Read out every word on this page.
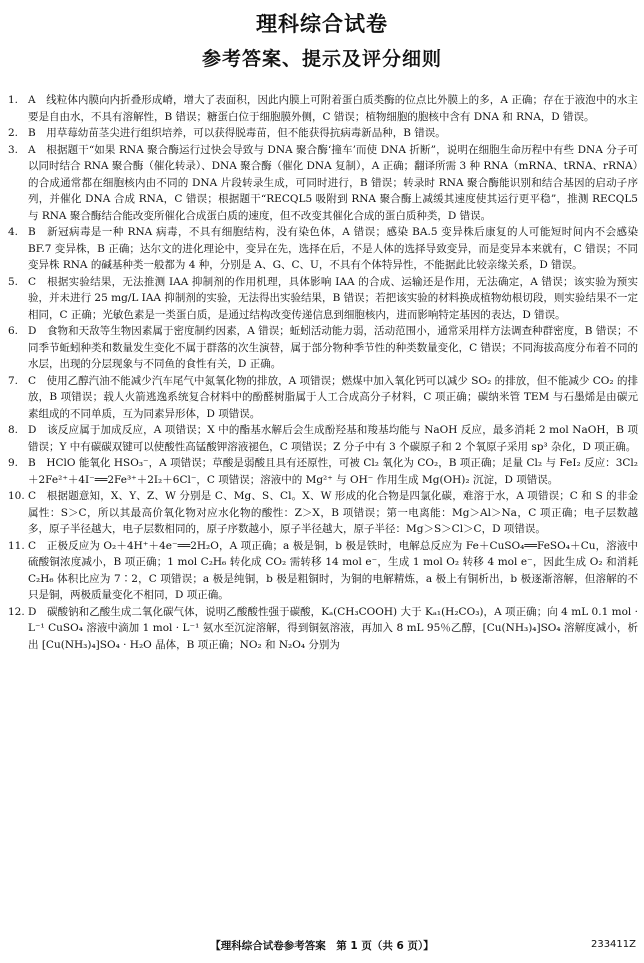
理科综合试卷
参考答案、提示及评分细则
1. A　 线粒体内膜向内折叠形成嵴，增大了表面积，因此内膜上可附着蛋白质类酶的位点比外膜上的多，A 正确；存在于液泡中的水主要是自由水，不具有溶解性，B 错误；糖蛋白位于细胞膜外侧，C 错误；植物细胞的胞核中含有 DNA 和 RNA，D 错误。
2. B　 用草莓幼苗茎尖进行组织培养，可以获得脱毒苗，但不能获得抗病毒新品种，B 错误。
3. A　 根据题干“如果 RNA 聚合酶运行过快会导致与 DNA 聚合酶‘撞车’而使 DNA 折断”，说明在细胞生命历程中有些 DNA 分子可以同时结合 RNA 聚合酶（催化转录）、DNA 聚合酶（催化 DNA 复制），A 正确；翻译所需 3 种 RNA（mRNA、tRNA、rRNA）的合成通常都在细胞核内由不同的 DNA 片段转录生成，可同时进行，B 错误；转录时 RNA 聚合酶能识别和结合基因的启动子序列，并催化 DNA 合成 RNA，C 错误；根据题干“RECQL5 吸附到 RNA 聚合酶上减缓其速度使其运行更平稳”，推测 RECQL5 与 RNA 聚合酶结合能改变所催化合成蛋白质的速度，但不改变其催化合成的蛋白质种类，D 错误。
4. B　 新冠病毒是一种 RNA 病毒，不具有细胞结构，没有染色体，A 错误；感染 BA.5 变异株后康复的人可能短时间内不会感染 BF.7 变异株，B 正确；达尔文的进化理论中，变异在先，选择在后，不是人体的选择导致变异，而是变异本来就有，C 错误；不同变异株 RNA 的碱基种类一般都为 4 种，分别是 A、G、C、U，不具有个体特异性，不能据此比较亲缘关系，D 错误。
5. C　 根据实验结果，无法推测 IAA 抑制剂的作用机理，具体影响 IAA 的合成、运输还是作用，无法确定，A 错误；该实验为预实验，并未进行 25 mg/L IAA 抑制剂的实验，无法得出实验结果，B 错误；若把该实验的材料换成植物幼根切段，则实验结果不一定相同，C 正确；光敏色素是一类蛋白质，是通过结构改变传递信息到细胞核内，进而影响特定基因的表达，D 错误。
6. D　 食物和天敌等生物因素属于密度制约因素，A 错误；蚯蚓活动能力弱，活动范围小，通常采用样方法调查种群密度，B 错误；不同季节蚯蚓种类和数量发生变化不属于群落的次生演替，属于部分物种季节性的种类数量变化，C 错误；不同海拔高度分布着不同的水层，出现的分层现象与不同鱼的食性有关，D 正确。
7. C　 使用乙醇汽油不能减少汽车尾气中氮氧化物的排放，A 项错误；燃煤中加入氧化钙可以减少 SO₂ 的排放，但不能减少 CO₂ 的排放，B 项错误；载人火箭逃逸系统复合材料中的酚醛树脂属于人工合成高分子材料，C 项正确；碳纳米管 TEM 与石墨烯是由碳元素组成的不同单质，互为同素异形体，D 项错误。
8. D　 该反应属于加成反应，A 项错误；X 中的酯基水解后会生成酚羟基和羧基均能与 NaOH 反应，最多消耗 2 mol NaOH，B 项错误；Y 中有碳碳双键可以使酸性高锰酸钾溶液褪色，C 项错误；Z 分子中有 3 个碳原子和 2 个氧原子采用 sp³ 杂化，D 项正确。
9. B　 HClO 能氧化 HSO₃⁻，A 项错误；草酸是弱酸且具有还原性，可被 Cl₂ 氧化为 CO₂，B 项正确；足量 Cl₂ 与 FeI₂ 反应：3Cl₂＋2Fe²⁺＋4I⁻══2Fe³⁺＋2I₂＋6Cl⁻，C 项错误；溶液中的 Mg²⁺ 与 OH⁻ 作用生成 Mg(OH)₂ 沉淀，D 项错误。
10. C　 根据题意知，X、Y、Z、W 分别是 C、Mg、S、Cl。X、W 形成的化合物是四氯化碳，难溶于水，A 项错误；C 和 S 的非金属性：S＞C，所以其最高价氧化物对应水化物的酸性：Z＞X，B 项错误；第一电离能：Mg＞Al＞Na，C 项正确；电子层数越多，原子半径越大，电子层数相同的，原子序数越小，原子半径越大，原子半径：Mg＞S＞Cl＞C，D 项错误。
11. C　 正极反应为 O₂＋4H⁺＋4e⁻══2H₂O，A 项正确；a 极是铜，b 极是铁时，电解总反应为 Fe＋CuSO₄══FeSO₄＋Cu，溶液中硫酸铜浓度减小，B 项正确；1 mol C₂H₆ 转化成 CO₂ 需转移 14 mol e⁻，生成 1 mol O₂ 转移 4 mol e⁻，因此生成 O₂ 和消耗 C₂H₆ 体积比应为 7∶2，C 项错误；a 极是纯铜，b 极是粗铜时，为铜的电解精炼，a 极上有铜析出，b 极逐渐溶解，但溶解的不只是铜，两极质量变化不相同，D 项正确。
12. D　 碳酸钠和乙酸生成二氧化碳气体，说明乙酸酸性强于碳酸，Kₐ(CH₃COOH) 大于 Kₐ₁(H₂CO₃)，A 项正确；向 4 mL 0.1 mol · L⁻¹ CuSO₄ 溶液中滴加 1 mol · L⁻¹ 氨水至沉淀溶解，得到铜氨溶液，再加入 8 mL 95％乙醇，[Cu(NH₃)₄]SO₄ 溶解度减小，析出 [Cu(NH₃)₄]SO₄ · H₂O 晶体，B 项正确；NO₂ 和 N₂O₄ 分别为
【理科综合试卷参考答案　第 1 页（共 6 页）】	233411Z
